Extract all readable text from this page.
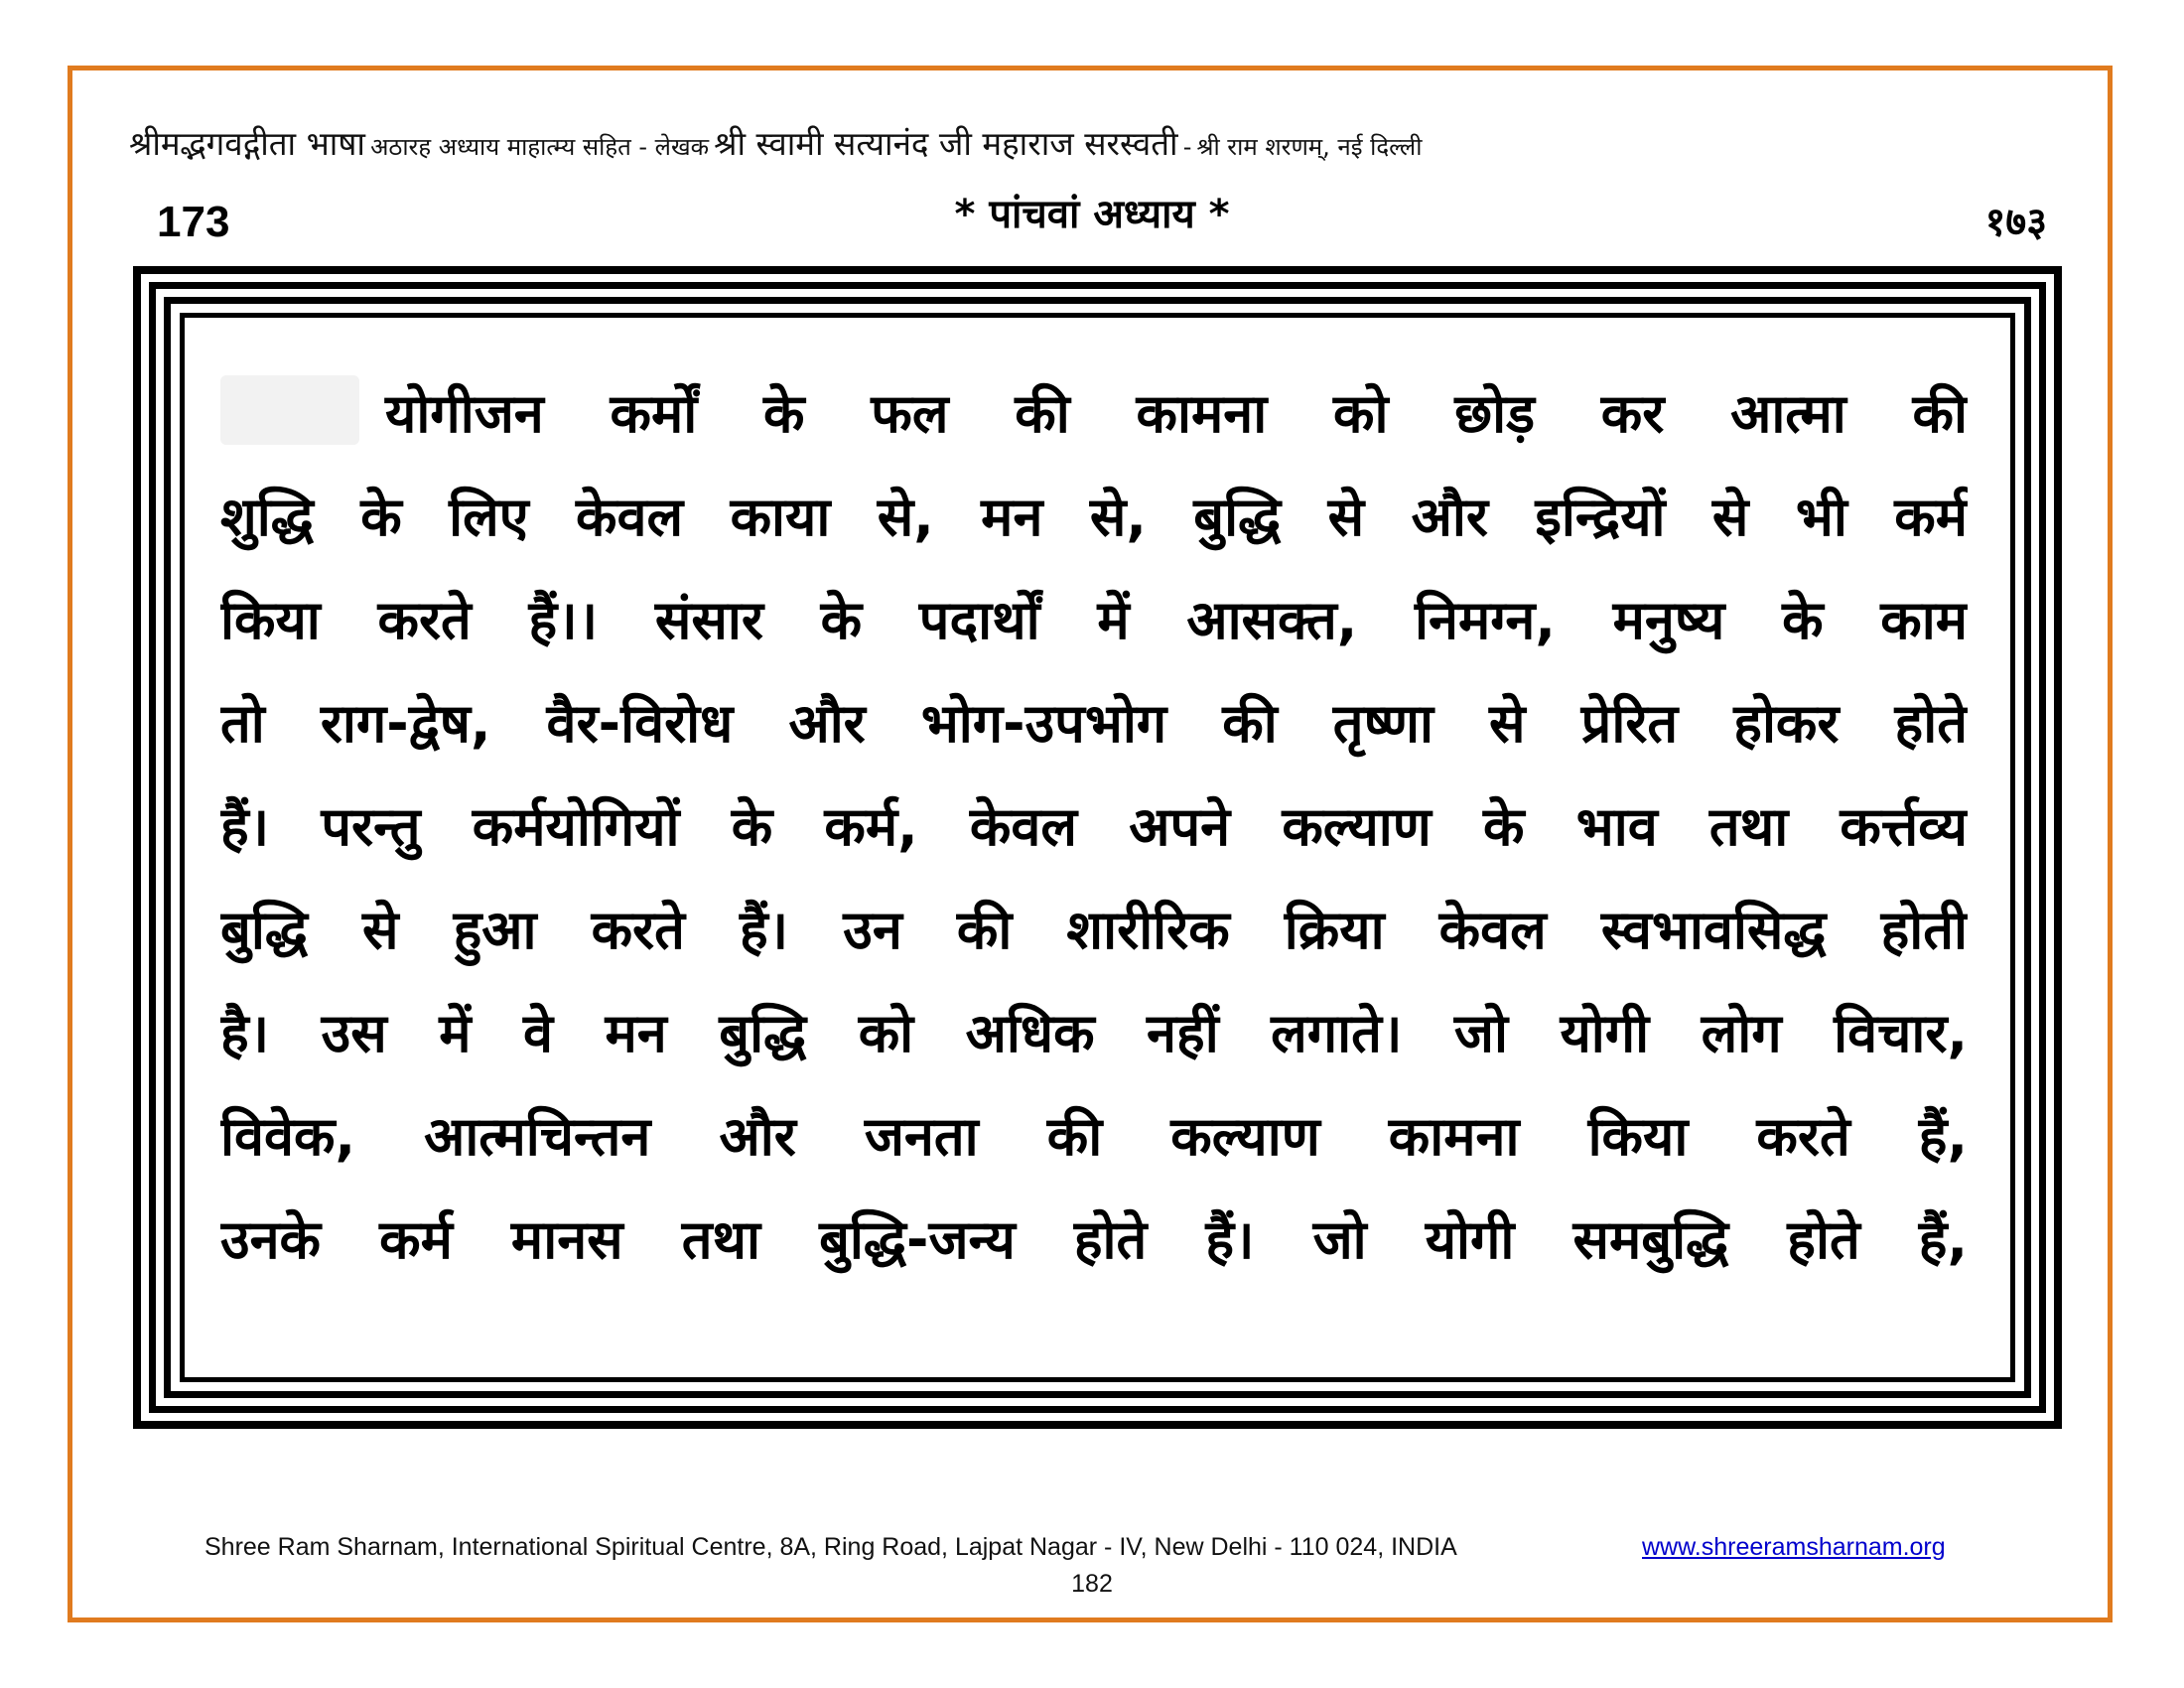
श्रीमद्भगवद्गीता भाषा अठारह अध्याय माहात्म्य सहित - लेखक श्री स्वामी सत्यानंद जी महाराज सरस्वती - श्री राम शरणम्, नई दिल्ली
173	* पांचवां अध्याय *	१७३
योगीजन कर्मों के फल की कामना को छोड़ कर आत्मा की
शुद्धि के लिए केवल काया से, मन से, बुद्धि से और इन्द्रियों से भी कर्म
किया करते हैं।। संसार के पदार्थों में आसक्त, निमग्न, मनुष्य के काम
तो राग-द्वेष, वैर-विरोध और भोग-उपभोग की तृष्णा से प्रेरित होकर होते
हैं। परन्तु कर्मयोगियों के कर्म, केवल अपने कल्याण के भाव तथा कर्त्तव्य
बुद्धि से हुआ करते हैं। उन की शारीरिक क्रिया केवल स्वभावसिद्ध होती
है। उस में वे मन बुद्धि को अधिक नहीं लगाते। जो योगी लोग विचार,
विवेक, आत्मचिन्तन और जनता की कल्याण कामना किया करते हैं,
उनके कर्म मानस तथा बुद्धि-जन्य होते हैं। जो योगी समबुद्धि होते हैं,
Shree Ram Sharnam, International Spiritual Centre, 8A, Ring Road, Lajpat Nagar - IV, New Delhi - 110 024, INDIA	www.shreeramsharnam.org
182
